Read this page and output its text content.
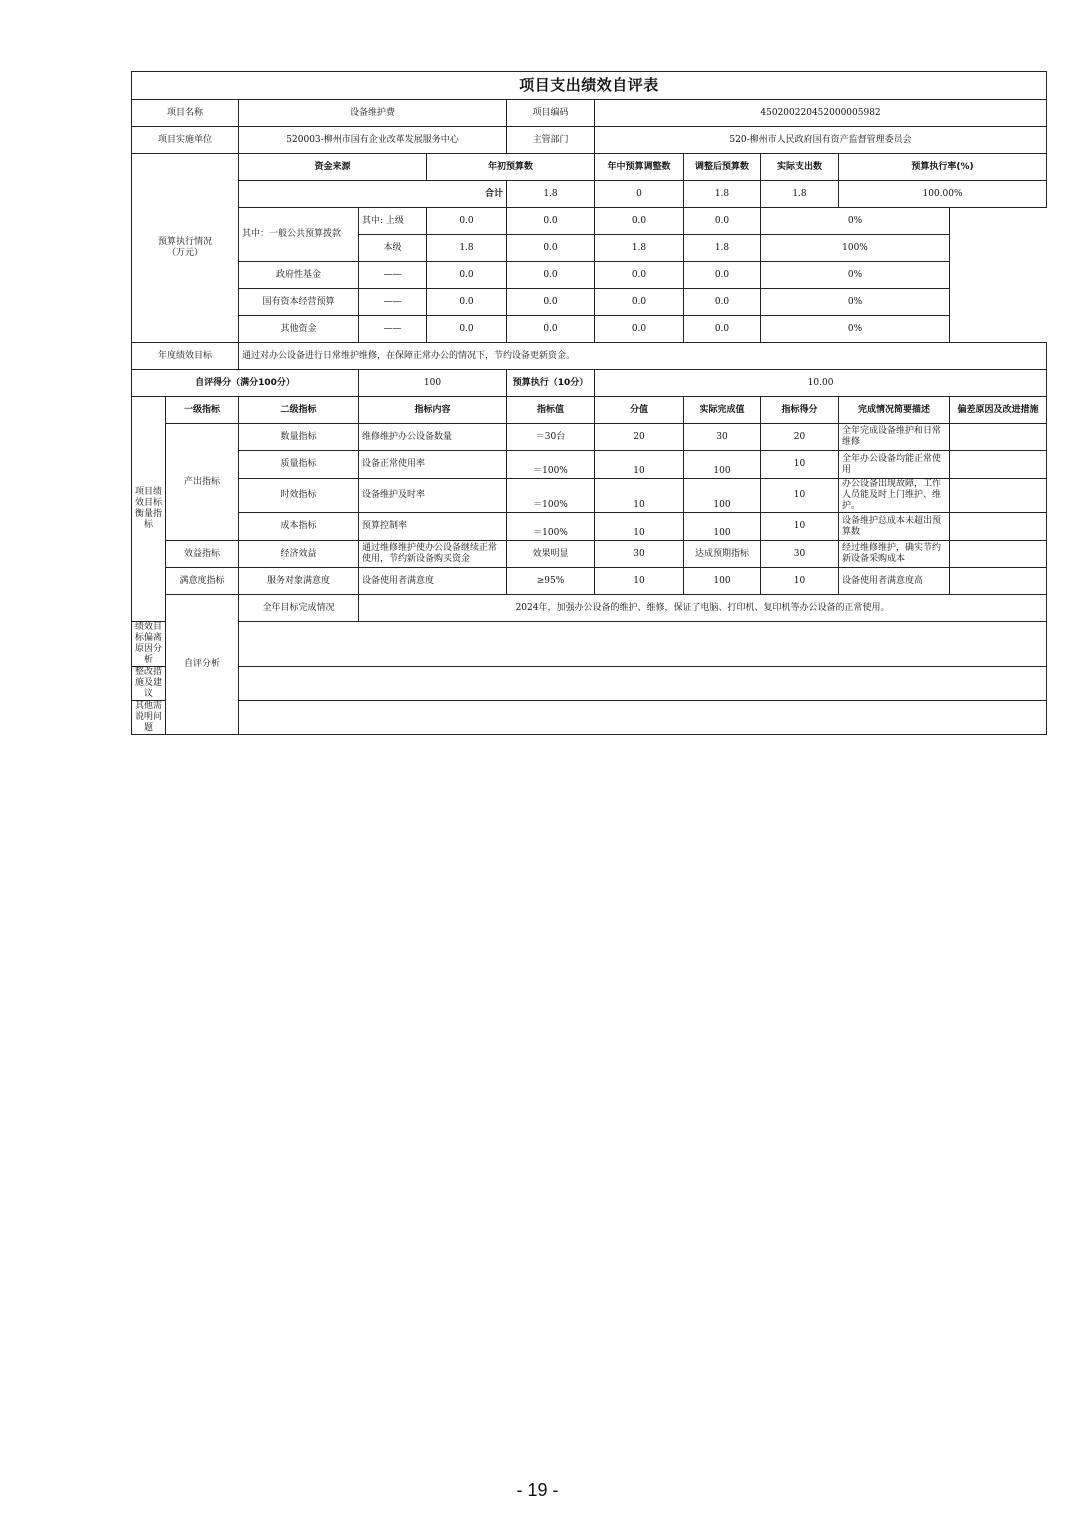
项目支出绩效自评表										
项目名称		设备维护费			项目编码	450200220452000005982				
项目实施单位		520003-柳州市国有企业改革发展服务中心			主管部门	520-柳州市人民政府国有资产监督管理委员会				
预算执行情况
（万元）		资金来源		年初预算数		年中预算调整数	调整后预算数	实际支出数	预算执行率(%)	
		合计			1.8	0	1.8	1.8	100.00%	
		其中：一般公共预算拨款	其中: 上级	0.0	0.0	0.0	0.0	0%		
			本级	1.8	0.0	1.8	1.8	100%		
		政府性基金	——	0.0	0.0	0.0	0.0	0%		
		国有资本经营预算	——	0.0	0.0	0.0	0.0	0%		
		其他资金	——	0.0	0.0	0.0	0.0	0%		
年度绩效目标		通过对办公设备进行日常维护维修，在保障正常办公的情况下，节约设备更新资金。								
自评得分（满分100分）			100		预算执行（10分）	10.00				
项目绩效目标衡量指标	一级指标	二级指标	指标内容		指标值	分值	实际完成值	指标得分	完成情况简要描述	偏差原因及改进措施
	产出指标	数量指标	维修维护办公设备数量		＝30台	20	30	20	全年完成设备维护和日常维修	
		质量指标	设备正常使用率		＝100%	10	100	10	全年办公设备均能正常使用	
		时效指标	设备维护及时率		＝100%	10	100	10	办公设备出现故障，工作人员能及时上门维护、维护。	
		成本指标	预算控制率		＝100%	10	100	10	设备维护总成本未超出预算数	
	效益指标	经济效益	通过维修维护使办公设备继续正常使用，节约新设备购买资金		效果明显	30	达成预期指标	30	经过维修维护，确实节约新设备采购成本	
	满意度指标	服务对象满意度	设备使用者满意度		≥95%	10	100	10	设备使用者满意度高	
	自评分析	全年目标完成情况	2024年，加强办公设备的维护、维修，保证了电脑、打印机、复印机等办公设备的正常使用。							
绩效目标偏离原因分析										
整改措施及建议										
其他需说明问题										
- 19 -
